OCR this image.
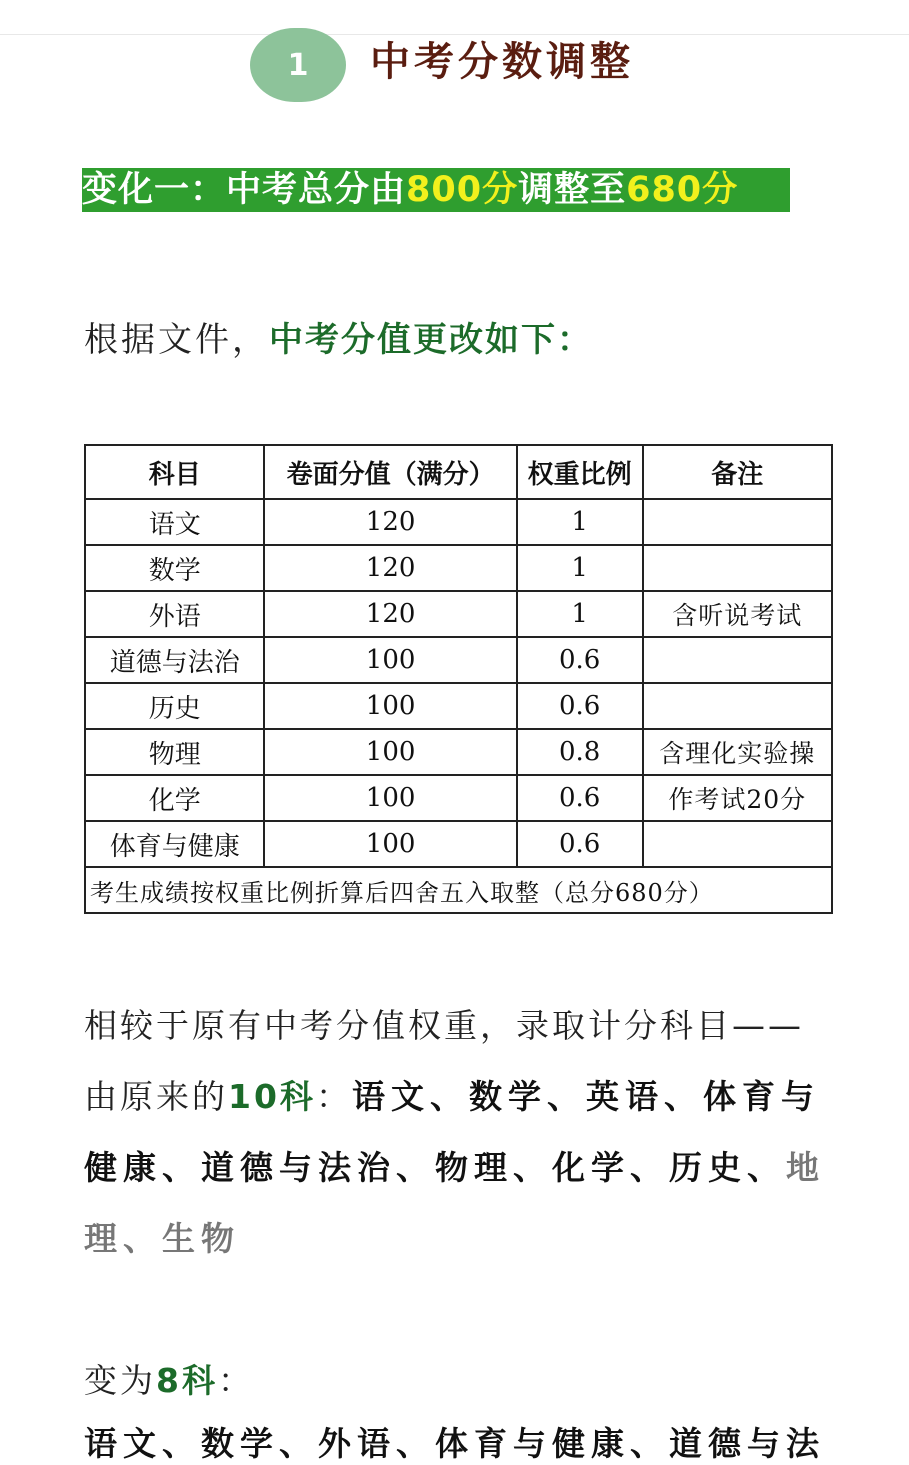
1	中考分数调整
变化一：中考总分由800分调整至680分
根据文件，中考分值更改如下：
科目	卷面分值（满分）	权重比例	备注
语文	120	1	
数学	120	1	
外语	120	1	含听说考试
道德与法治	100	0.6	
历史	100	0.6	
物理	100	0.8	含理化实验操
化学	100	0.6	作考试20分
体育与健康	100	0.6	
考生成绩按权重比例折算后四舍五入取整（总分680分）			
相较于原有中考分值权重，录取计分科目——由原来的10科：语文、数学、英语、体育与健康、道德与法治、物理、化学、历史、地理、生物
变为8科：
语文、数学、外语、体育与健康、道德与法
